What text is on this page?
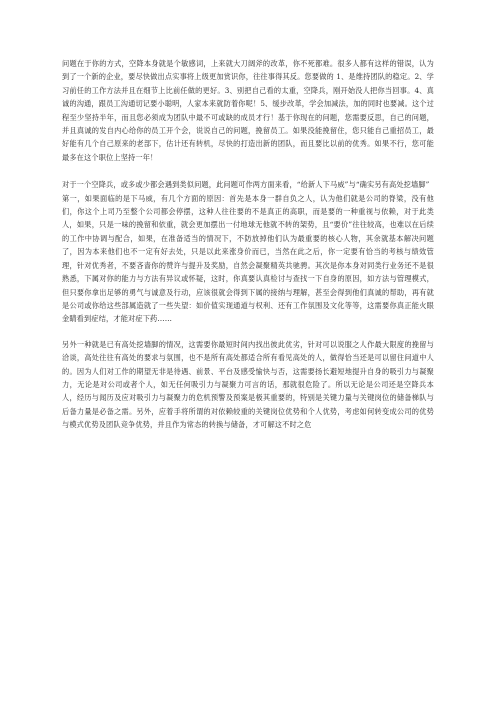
问题在于你的方式，空降本身就是个敏感词，上来就大刀阔斧的改革，你不死都难。很多人都有这样的错误，认为到了一个新的企业，要尽快做出点实事将上级更加赏识你，往往事得其反。您要做的 1、是维持团队的稳定。2、学习前任的工作方法并且在细节上比前任做的更好。3、别把自己看的太重，空降兵，刚开始没人把你当回事。4、真诚的沟通，跟员工沟通切记要小聪明，人家本来就防着你呢！5、缓步改革，学会加减法，加的同时也要减。这个过程至少坚持半年，而且您必须成为团队中最不可或缺的成员才行！基于你现在的问题，您需要反思，自己的问题，并且真诚的发自内心给你的员工开个会，说说自己的问题，挽留员工。如果没能挽留住，您只能自己重招员工，最好能有几个自己原来的老部下，估计还有转机，尽快的打造出新的团队，而且要比以前的优秀。如果不行，您可能最多在这个职位上坚持一年！

对于一个空降兵，或多或少都会遇到类似问题，此问题可作两方面来看，“给新人下马威”与“确实另有高处挖墙脚”
第一，如果面临的是下马威，有几个方面的原因：首先是本身一群自负之人，认为他们就是公司的脊梁，没有他们，你这个上司乃至整个公司都会停摆，这种人往往要的不是真正的高职，而是要的一种重视与依赖，对于此类人，如果，只是一味的挽留和依重，就会更加摆出一付地球无他就不转的架势，且“要价”往往较高，也难以在后续的工作中协调与配合，如果，在准备适当的情况下，不防放掉他们认为最重要的核心人物，其余就基本解决问题了，因为本来他们也不一定有好去处，只是以此来涨身价而已，当然在此之后，你一定要有恰当的考核与绩效管理，针对优秀者，不要吝啬你的赞许与提升及奖励，自然会凝聚精英共驰骋。其次是你本身对同类行业务还不是很熟悉，下属对你的能力与方法有异议或怀疑，这时，你真要认真检讨与查找一下自身的原因，如方法与管理模式，但只要你拿出足够的勇气与诚意及行动，应该很就会得到下属的接纳与理解，甚至会得到他们真诚的帮助，再有就是公司或你给这些部属造就了一些失望：如价值实现通道与权利、还有工作氛围及文化等等，这需要你真正能火眼金睛看到症结，才能对症下药……

另外一种就是已有高处挖墙脚的情况，这需要你最短时间内找出彼此优劣，针对可以说服之人作最大限度的挽留与洽谈，高处往往有高处的要求与氛围，也不是所有高处都适合所有看见高处的人，做得恰当还是可以留住问道中人的。因为人们对工作的期望无非是待遇、前景、平台及感受愉快与否，这需要扬长避短地提升自身的吸引力与凝聚力，无论是对公司或者个人，如无任何吸引力与凝聚力可言的话，那就很危险了。所以无论是公司还是空降兵本人，经历与闻历及应对吸引力与凝聚力的危机预警及预案是极其重要的，特别是关键力量与关键岗位的储备梯队与后备力量是必备之需。另外，应着手将所谓的对依赖较重的关键岗位优势和个人优势，考虑如何转变成公司的优势与模式优势及团队竞争优势，并且作为常态的转换与储备，才可解这不时之危
